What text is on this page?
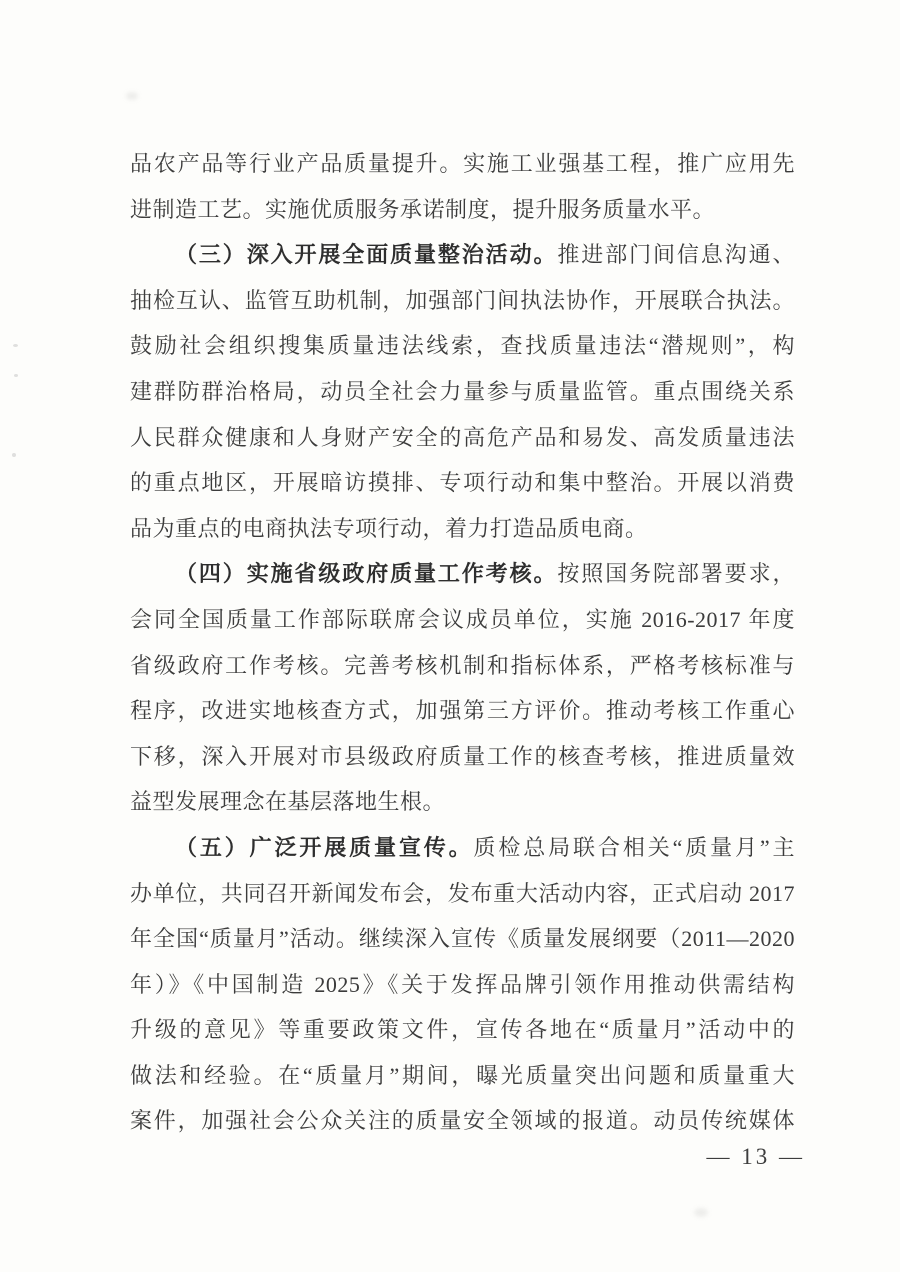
品农产品等行业产品质量提升。实施工业强基工程，推广应用先
进制造工艺。实施优质服务承诺制度，提升服务质量水平。
（三）深入开展全面质量整治活动。推进部门间信息沟通、
抽检互认、监管互助机制，加强部门间执法协作，开展联合执法。
鼓励社会组织搜集质量违法线索，查找质量违法“潜规则”，构
建群防群治格局，动员全社会力量参与质量监管。重点围绕关系
人民群众健康和人身财产安全的高危产品和易发、高发质量违法
的重点地区，开展暗访摸排、专项行动和集中整治。开展以消费
品为重点的电商执法专项行动，着力打造品质电商。
（四）实施省级政府质量工作考核。按照国务院部署要求，
会同全国质量工作部际联席会议成员单位，实施 2016-2017 年度
省级政府工作考核。完善考核机制和指标体系，严格考核标准与
程序，改进实地核查方式，加强第三方评价。推动考核工作重心
下移，深入开展对市县级政府质量工作的核查考核，推进质量效
益型发展理念在基层落地生根。
（五）广泛开展质量宣传。质检总局联合相关“质量月”主
办单位，共同召开新闻发布会，发布重大活动内容，正式启动 2017
年全国“质量月”活动。继续深入宣传《质量发展纲要（2011—2020
年）》《中国制造 2025》《关于发挥品牌引领作用推动供需结构
升级的意见》等重要政策文件，宣传各地在“质量月”活动中的
做法和经验。在“质量月”期间，曝光质量突出问题和质量重大
案件，加强社会公众关注的质量安全领域的报道。动员传统媒体
— 13 —
